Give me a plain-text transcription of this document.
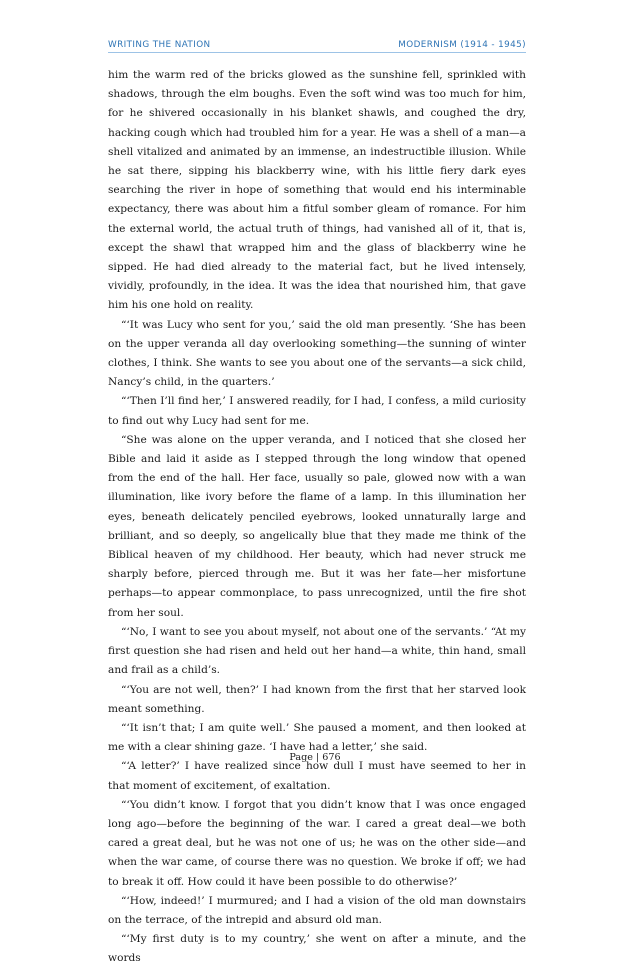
WRITING THE NATION	MODERNISM (1914 - 1945)

him the warm red of the bricks glowed as the sunshine fell, sprinkled with shadows, through the elm boughs. Even the soft wind was too much for him, for he shivered occasionally in his blanket shawls, and coughed the dry, hacking cough which had troubled him for a year. He was a shell of a man—a shell vitalized and animated by an immense, an indestructible illusion. While he sat there, sipping his blackberry wine, with his little fiery dark eyes searching the river in hope of something that would end his interminable expectancy, there was about him a fitful somber gleam of romance. For him the external world, the actual truth of things, had vanished all of it, that is, except the shawl that wrapped him and the glass of blackberry wine he sipped. He had died already to the material fact, but he lived intensely, vividly, profoundly, in the idea. It was the idea that nourished him, that gave him his one hold on reality.

“‘It was Lucy who sent for you,’ said the old man presently. ‘She has been on the upper veranda all day overlooking something—the sunning of winter clothes, I think. She wants to see you about one of the servants—a sick child, Nancy’s child, in the quarters.’

“‘Then I’ll find her,’ I answered readily, for I had, I confess, a mild curiosity to find out why Lucy had sent for me.

“She was alone on the upper veranda, and I noticed that she closed her Bible and laid it aside as I stepped through the long window that opened from the end of the hall. Her face, usually so pale, glowed now with a wan illumination, like ivory before the flame of a lamp. In this illumination her eyes, beneath delicately penciled eyebrows, looked unnaturally large and brilliant, and so deeply, so angelically blue that they made me think of the Biblical heaven of my childhood. Her beauty, which had never struck me sharply before, pierced through me. But it was her fate—her misfortune perhaps—to appear commonplace, to pass unrecognized, until the fire shot from her soul.

“‘No, I want to see you about myself, not about one of the servants.’ “At my first question she had risen and held out her hand—a white, thin hand, small and frail as a child’s.

“‘You are not well, then?’ I had known from the first that her starved look meant something.

“‘It isn’t that; I am quite well.’ She paused a moment, and then looked at me with a clear shining gaze. ‘I have had a letter,’ she said.

“‘A letter?’ I have realized since how dull I must have seemed to her in that moment of excitement, of exaltation.

“‘You didn’t know. I forgot that you didn’t know that I was once engaged long ago—before the beginning of the war. I cared a great deal—we both cared a great deal, but he was not one of us; he was on the other side—and when the war came, of course there was no question. We broke if off; we had to break it off. How could it have been possible to do otherwise?’

“‘How, indeed!’ I murmured; and I had a vision of the old man downstairs on the terrace, of the intrepid and absurd old man.

“‘My first duty is to my country,’ she went on after a minute, and the words

Page | 676
